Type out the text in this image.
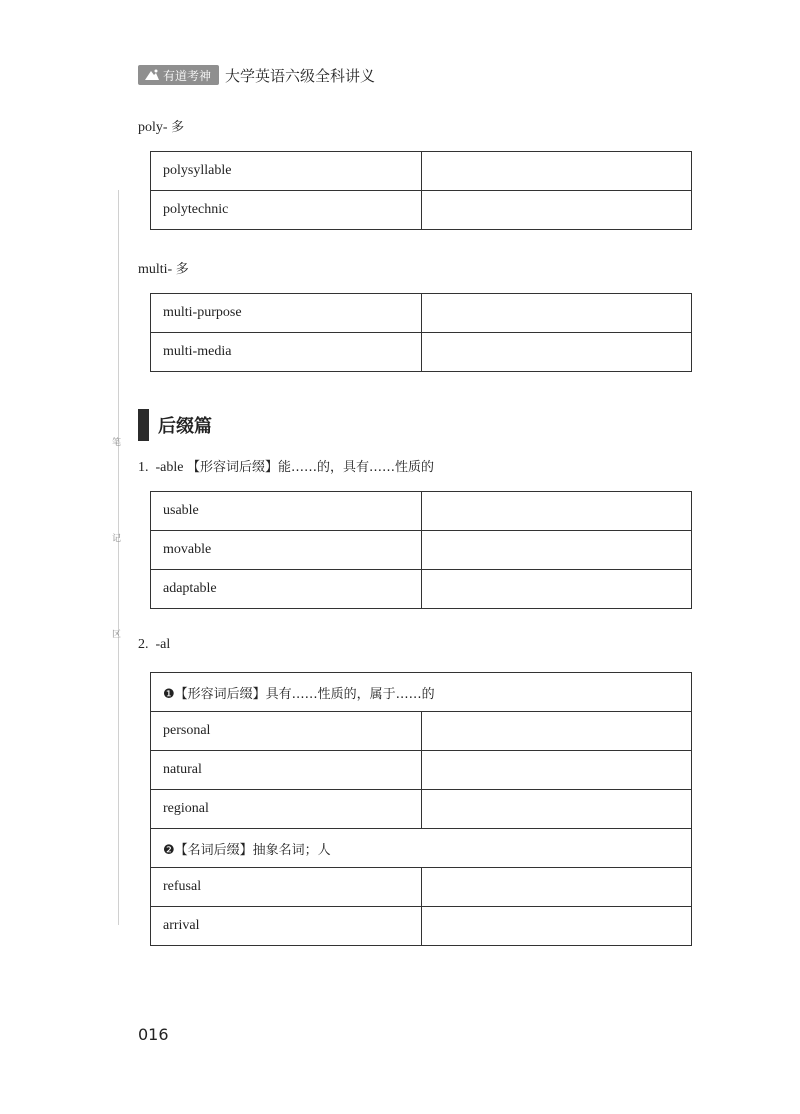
有道考神 大学英语六级全科讲义
笔
记
区
poly- 多
polysyllable	
polytechnic	
multi- 多
multi-purpose	
multi-media	
后缀篇
1. -able 【形容词后缀】能……的，具有……性质的
usable	
movable	
adaptable	
2. -al
❶【形容词后缀】具有……性质的，属于……的	
personal	
natural	
regional	
❷【名词后缀】抽象名词；人	
refusal	
arrival	
016
